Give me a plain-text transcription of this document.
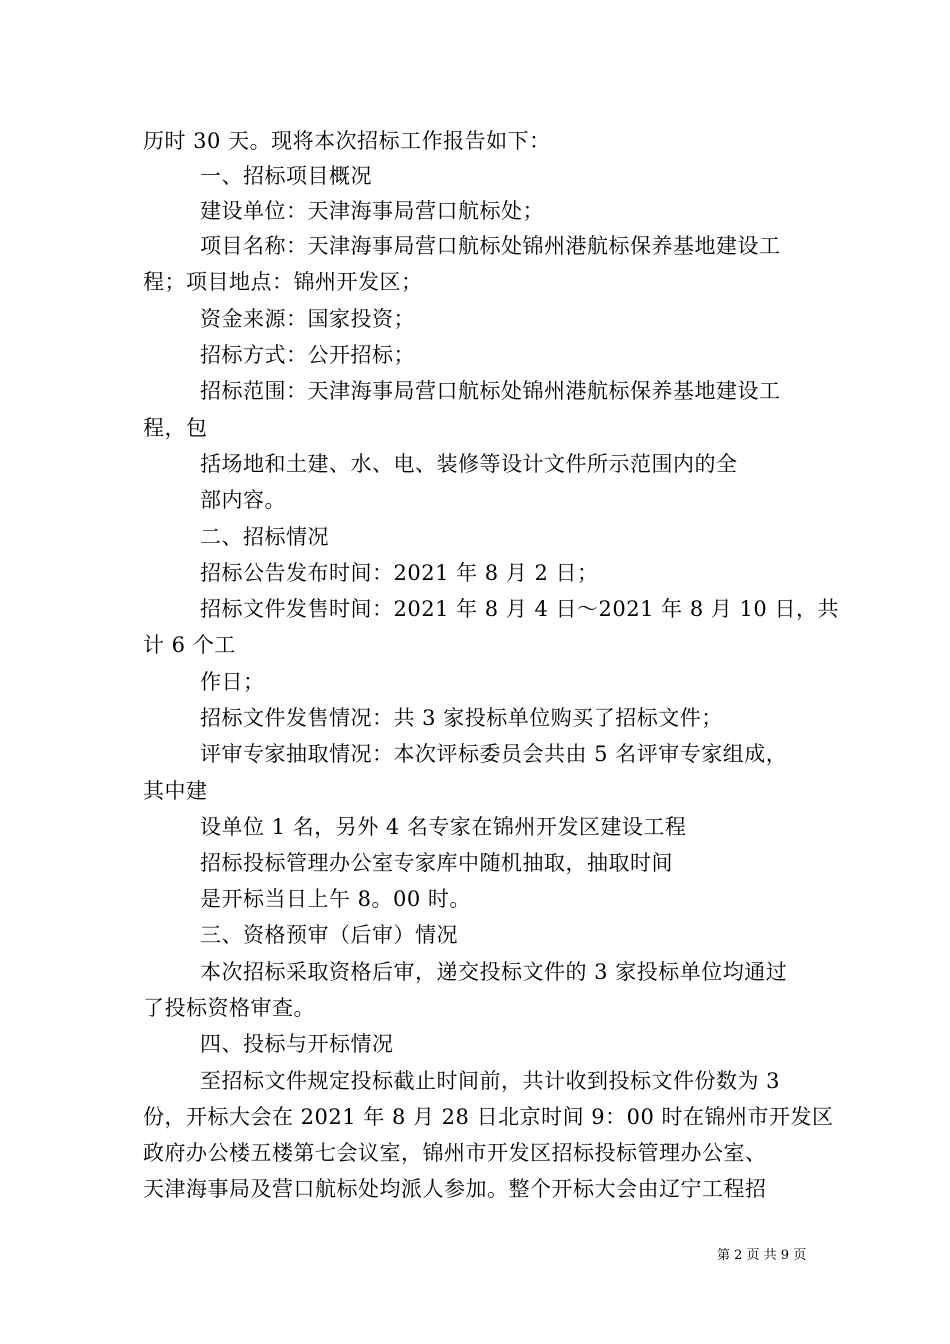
历时 30 天。现将本次招标工作报告如下：
一、招标项目概况
建设单位：天津海事局营口航标处；
项目名称：天津海事局营口航标处锦州港航标保养基地建设工
程；项目地点：锦州开发区；
资金来源：国家投资；
招标方式：公开招标；
招标范围：天津海事局营口航标处锦州港航标保养基地建设工
程，包
括场地和土建、水、电、装修等设计文件所示范围内的全
部内容。
二、招标情况
招标公告发布时间：2021 年 8 月 2 日；
招标文件发售时间：2021 年 8 月 4 日～2021 年 8 月 10 日，共
计 6 个工
作日；
招标文件发售情况：共 3 家投标单位购买了招标文件；
评审专家抽取情况：本次评标委员会共由 5 名评审专家组成，
其中建
设单位 1 名，另外 4 名专家在锦州开发区建设工程
招标投标管理办公室专家库中随机抽取，抽取时间
是开标当日上午 8。00 时。
三、资格预审（后审）情况
本次招标采取资格后审，递交投标文件的 3 家投标单位均通过
了投标资格审查。
四、投标与开标情况
至招标文件规定投标截止时间前，共计收到投标文件份数为 3
份，开标大会在 2021 年 8 月 28 日北京时间 9：00 时在锦州市开发区
政府办公楼五楼第七会议室，锦州市开发区招标投标管理办公室、
天津海事局及营口航标处均派人参加。整个开标大会由辽宁工程招
第 2 页 共 9 页
